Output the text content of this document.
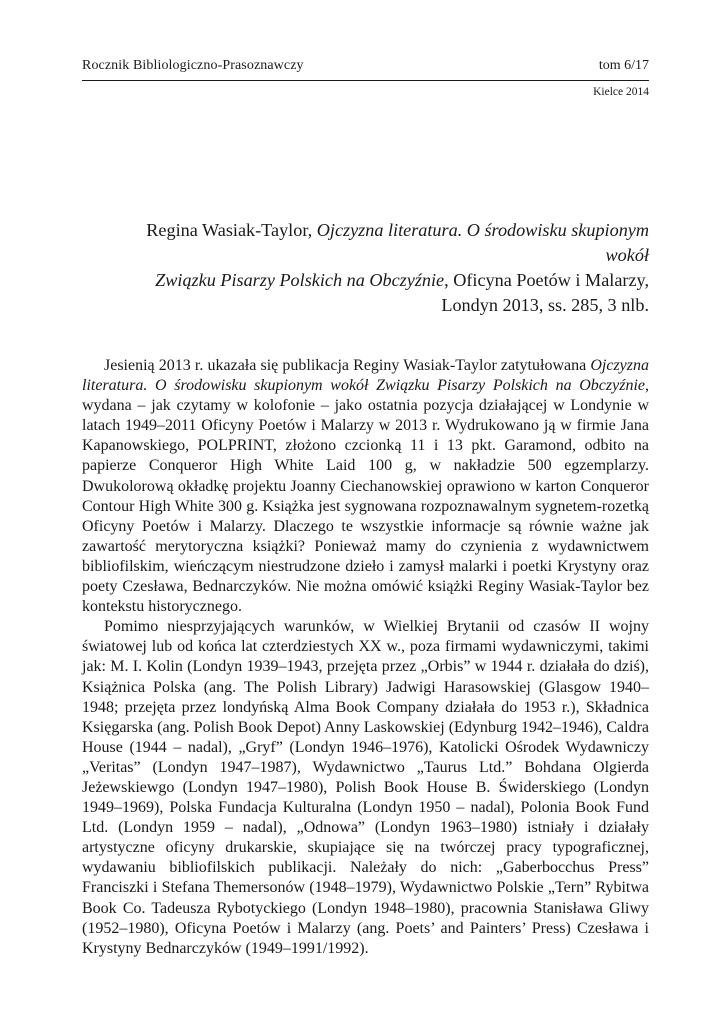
Rocznik Bibliologiczno-Prasoznawczy	tom 6/17
Kielce 2014
Regina Wasiak-Taylor, Ojczyzna literatura. O środowisku skupionym wokół
Związku Pisarzy Polskich na Obczyźnie, Oficyna Poetów i Malarzy,
Londyn 2013, ss. 285, 3 nlb.

Jesienią 2013 r. ukazała się publikacja Reginy Wasiak-Taylor zatytułowana Ojczyzna literatura. O środowisku skupionym wokół Związku Pisarzy Polskich na Obczyźnie, wydana – jak czytamy w kolofonie – jako ostatnia pozycja działającej w Londynie w latach 1949–2011 Oficyny Poetów i Malarzy w 2013 r. Wydrukowano ją w firmie Jana Kapanowskiego, POLPRINT, złożono czcionką 11 i 13 pkt. Garamond, odbito na papierze Conqueror High White Laid 100 g, w nakładzie 500 egzemplarzy. Dwukolorową okładkę projektu Joanny Ciechanowskiej oprawiono w karton Conqueror Contour High White 300 g. Książka jest sygnowana rozpoznawalnym sygnetem-rozetką Oficyny Poetów i Malarzy. Dlaczego te wszystkie informacje są równie ważne jak zawartość merytoryczna książki? Ponieważ mamy do czynienia z wydawnictwem bibliofilskim, wieńczącym niestrudzone dzieło i zamysł malarki i poetki Krystyny oraz poety Czesława, Bednarczyków. Nie można omówić książki Reginy Wasiak-Taylor bez kontekstu historycznego.

Pomimo niesprzyjających warunków, w Wielkiej Brytanii od czasów II wojny światowej lub od końca lat czterdziestych XX w., poza firmami wydawniczymi, takimi jak: M. I. Kolin (Londyn 1939–1943, przejęta przez „Orbis” w 1944 r. działała do dziś), Książnica Polska (ang. The Polish Library) Jadwigi Harasowskiej (Glasgow 1940–1948; przejęta przez londyńską Alma Book Company działała do 1953 r.), Składnica Księgarska (ang. Polish Book Depot) Anny Laskowskiej (Edynburg 1942–1946), Caldra House (1944 – nadal), „Gryf” (Londyn 1946–1976), Katolicki Ośrodek Wydawniczy „Veritas” (Londyn 1947–1987), Wydawnictwo „Taurus Ltd.” Bohdana Olgierda Jeżewskiewgo (Londyn 1947–1980), Polish Book House B. Świderskiego (Londyn 1949–1969), Polska Fundacja Kulturalna (Londyn 1950 – nadal), Polonia Book Fund Ltd. (Londyn 1959 – nadal), „Odnowa” (Londyn 1963–1980) istniały i działały artystyczne oficyny drukarskie, skupiające się na twórczej pracy typograficznej, wydawaniu bibliofilskich publikacji. Należały do nich: „Gaberbocchus Press” Franciszki i Stefana Themersonów (1948–1979), Wydawnictwo Polskie „Tern” Rybitwa Book Co. Tadeusza Rybotyckiego (Londyn 1948–1980), pracownia Stanisława Gliwy (1952–1980), Oficyna Poetów i Malarzy (ang. Poets’ and Painters’ Press) Czesława i Krystyny Bednarczyków (1949–1991/1992).
